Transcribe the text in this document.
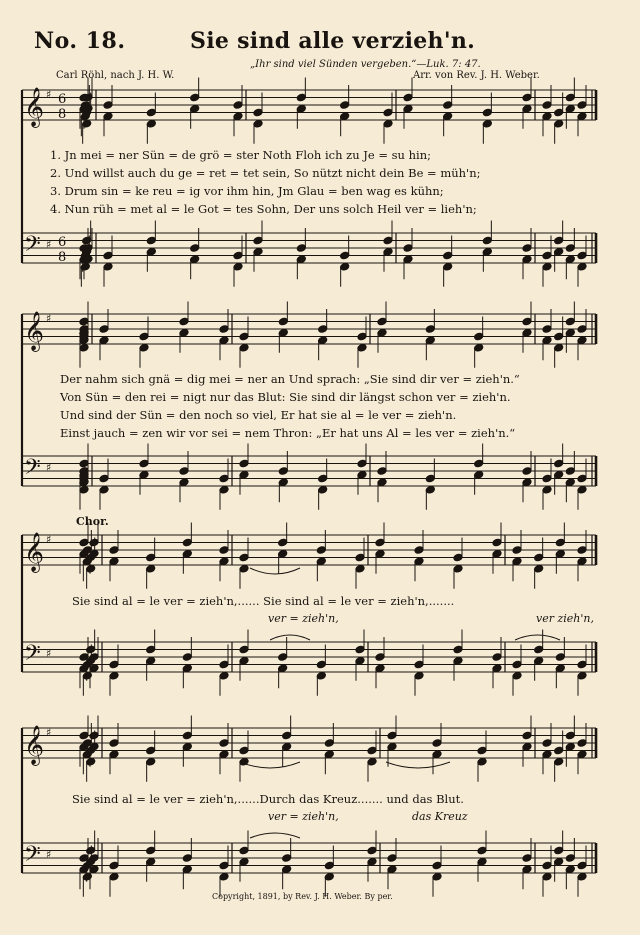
No. 18.	Sie sind alle verzieh'n.
„Ihr sind viel Sünden vergeben.“—Luk. 7: 47.
Carl Röhl, nach J. H. W.	Arr. von Rev. J. H. Weber.
𝄞 ♯
𝄢 ♯
6
8
6
8
𝄞 ♯
𝄢 ♯
𝄞 ♯
𝄢 ♯
𝄞 ♯
𝄢 ♯
1. Jn mei = ner Sün = de grö = ster Noth Floh ich zu Je = su hin;
2. Und willst auch du ge = ret = tet sein, So nützt nicht dein Be = müh'n;
3. Drum sin = ke reu = ig vor ihm hin, Jm Glau = ben wag es kühn;
4. Nun rüh = met al = le Got = tes Sohn, Der uns solch Heil ver = lieh'n;
Der nahm sich gnä = dig mei = ner an Und sprach: „Sie sind dir ver = zieh'n.“
Von Sün = den rei = nigt nur das Blut: Sie sind dir längst schon ver = zieh'n.
Und sind der Sün = den noch so viel, Er hat sie al = le ver = zieh'n.
Einst jauch = zen wir vor sei = nem Thron: „Er hat uns Al = les ver = zieh'n.“
Chor.
Sie sind al = le ver = zieh'n,...... Sie sind al = le ver = zieh'n,.......
ver = zieh'n,	ver zieh'n,
Sie sind al = le ver = zieh'n,......Durch das Kreuz....... und das Blut.
ver = zieh'n,	das Kreuz
Copyright, 1891, by Rev. J. H. Weber. By per.
